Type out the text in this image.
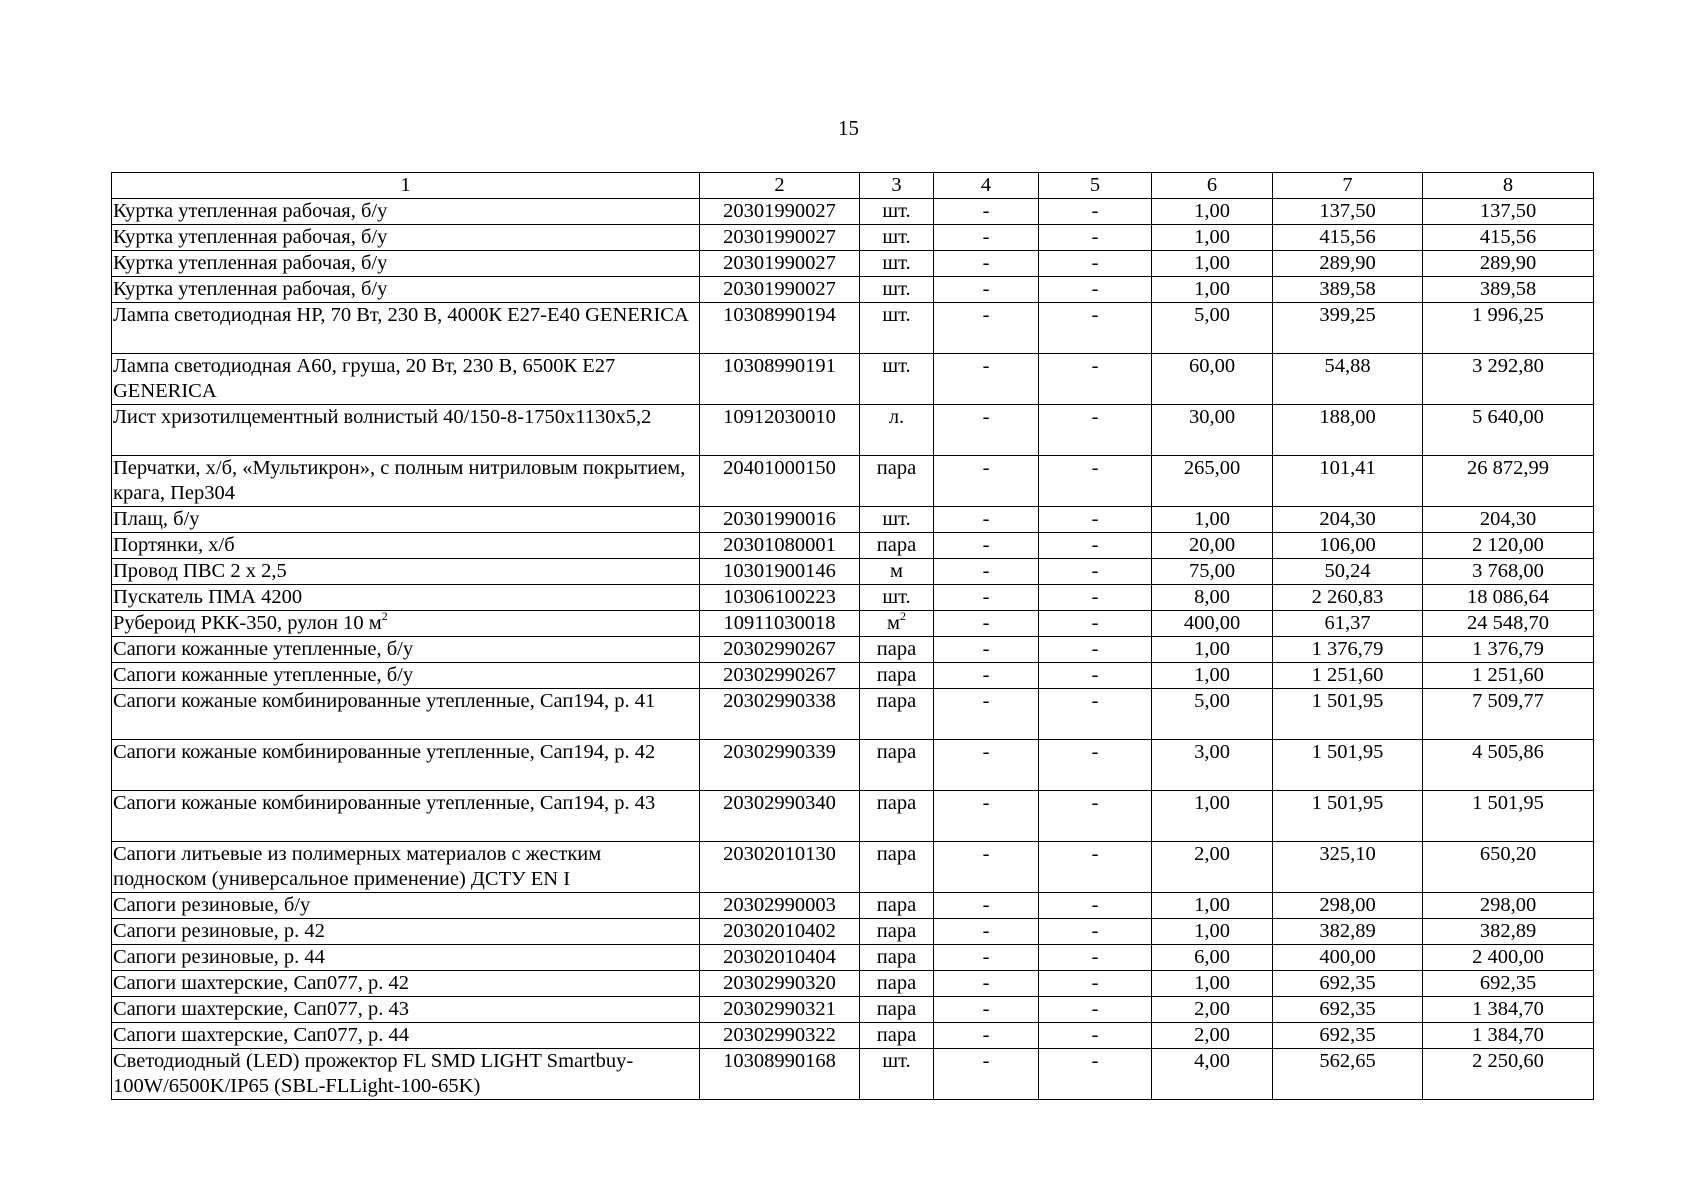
15
1	2	3	4	5	6	7	8
Куртка утепленная рабочая, б/у	20301990027	шт.	-	-	1,00	137,50	137,50
Куртка утепленная рабочая, б/у	20301990027	шт.	-	-	1,00	415,56	415,56
Куртка утепленная рабочая, б/у	20301990027	шт.	-	-	1,00	289,90	289,90
Куртка утепленная рабочая, б/у	20301990027	шт.	-	-	1,00	389,58	389,58
Лампа светодиодная HP, 70 Вт, 230 В, 4000К E27-E40 GENERICA	10308990194	шт.	-	-	5,00	399,25	1 996,25
Лампа светодиодная A60, груша, 20 Вт, 230 В, 6500К E27 GENERICA	10308990191	шт.	-	-	60,00	54,88	3 292,80
Лист хризотилцементный волнистый 40/150-8-1750х1130х5,2	10912030010	л.	-	-	30,00	188,00	5 640,00
Перчатки, х/б, «Мультикрон», с полным нитриловым покрытием, крага, Пер304	20401000150	пара	-	-	265,00	101,41	26 872,99
Плащ, б/у	20301990016	шт.	-	-	1,00	204,30	204,30
Портянки, х/б	20301080001	пара	-	-	20,00	106,00	2 120,00
Провод ПВС 2 х 2,5	10301900146	м	-	-	75,00	50,24	3 768,00
Пускатель ПМА 4200	10306100223	шт.	-	-	8,00	2 260,83	18 086,64
Рубероид РКК-350, рулон 10 $м^2$	10911030018	$м^2$	-	-	400,00	61,37	24 548,70
Сапоги кожанные утепленные, б/у	20302990267	пара	-	-	1,00	1 376,79	1 376,79
Сапоги кожанные утепленные, б/у	20302990267	пара	-	-	1,00	1 251,60	1 251,60
Сапоги кожаные комбинированные утепленные, Сап194, р. 41	20302990338	пара	-	-	5,00	1 501,95	7 509,77
Сапоги кожаные комбинированные утепленные, Сап194, р. 42	20302990339	пара	-	-	3,00	1 501,95	4 505,86
Сапоги кожаные комбинированные утепленные, Сап194, р. 43	20302990340	пара	-	-	1,00	1 501,95	1 501,95
Сапоги литьевые из полимерных материалов с жестким подноском (универсальное применение) ДСТУ EN I	20302010130	пара	-	-	2,00	325,10	650,20
Сапоги резиновые, б/у	20302990003	пара	-	-	1,00	298,00	298,00
Сапоги резиновые, р. 42	20302010402	пара	-	-	1,00	382,89	382,89
Сапоги резиновые, р. 44	20302010404	пара	-	-	6,00	400,00	2 400,00
Сапоги шахтерские, Сап077, р. 42	20302990320	пара	-	-	1,00	692,35	692,35
Сапоги шахтерские, Сап077, р. 43	20302990321	пара	-	-	2,00	692,35	1 384,70
Сапоги шахтерские, Сап077, р. 44	20302990322	пара	-	-	2,00	692,35	1 384,70
Светодиодный (LED) прожектор FL SMD LIGHT Smartbuy-100W/6500K/IP65 (SBL-FLLight-100-65K)	10308990168	шт.	-	-	4,00	562,65	2 250,60
